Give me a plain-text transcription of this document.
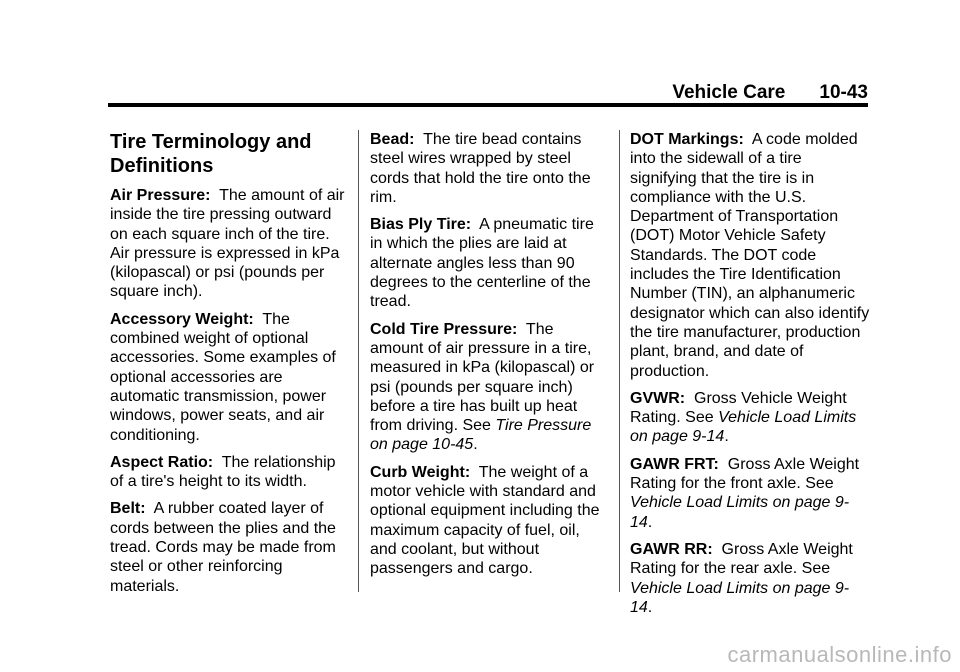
Vehicle Care 10-43
Tire Terminology and Definitions
Air Pressure: The amount of air inside the tire pressing outward on each square inch of the tire. Air pressure is expressed in kPa (kilopascal) or psi (pounds per square inch).
Accessory Weight: The combined weight of optional accessories. Some examples of optional accessories are automatic transmission, power windows, power seats, and air conditioning.
Aspect Ratio: The relationship of a tire's height to its width.
Belt: A rubber coated layer of cords between the plies and the tread. Cords may be made from steel or other reinforcing materials.
Bead: The tire bead contains steel wires wrapped by steel cords that hold the tire onto the rim.
Bias Ply Tire: A pneumatic tire in which the plies are laid at alternate angles less than 90 degrees to the centerline of the tread.
Cold Tire Pressure: The amount of air pressure in a tire, measured in kPa (kilopascal) or psi (pounds per square inch) before a tire has built up heat from driving. See Tire Pressure on page 10-45.
Curb Weight: The weight of a motor vehicle with standard and optional equipment including the maximum capacity of fuel, oil, and coolant, but without passengers and cargo.
DOT Markings: A code molded into the sidewall of a tire signifying that the tire is in compliance with the U.S. Department of Transportation (DOT) Motor Vehicle Safety Standards. The DOT code includes the Tire Identification Number (TIN), an alphanumeric designator which can also identify the tire manufacturer, production plant, brand, and date of production.
GVWR: Gross Vehicle Weight Rating. See Vehicle Load Limits on page 9-14.
GAWR FRT: Gross Axle Weight Rating for the front axle. See Vehicle Load Limits on page 9-14.
GAWR RR: Gross Axle Weight Rating for the rear axle. See Vehicle Load Limits on page 9-14.
carmanualsonline.info
